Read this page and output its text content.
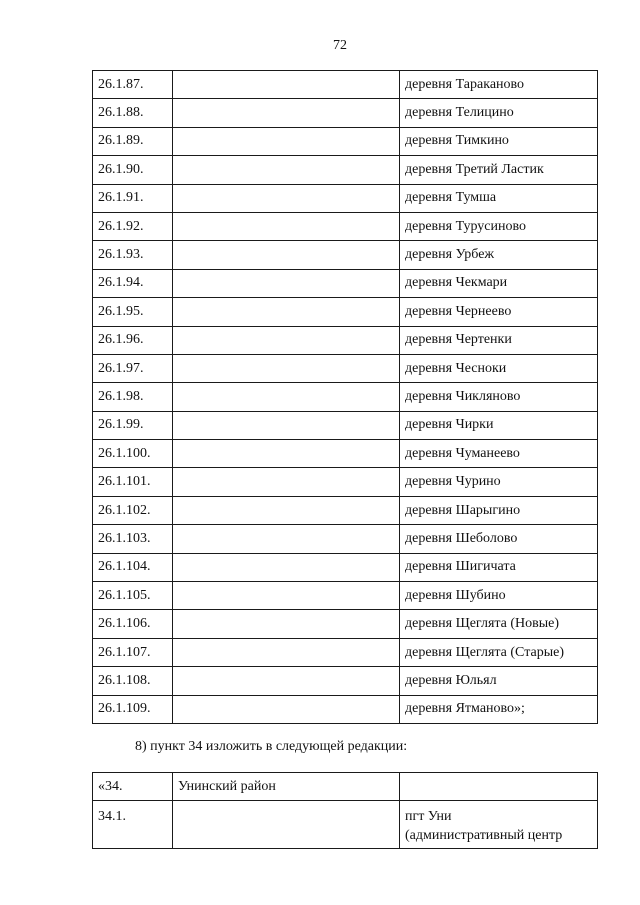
72
26.1.87.		деревня Тараканово
26.1.88.		деревня Телицино
26.1.89.		деревня Тимкино
26.1.90.		деревня Третий Ластик
26.1.91.		деревня Тумша
26.1.92.		деревня Турусиново
26.1.93.		деревня Урбеж
26.1.94.		деревня Чекмари
26.1.95.		деревня Чернеево
26.1.96.		деревня Чертенки
26.1.97.		деревня Чесноки
26.1.98.		деревня Чикляново
26.1.99.		деревня Чирки
26.1.100.		деревня Чуманеево
26.1.101.		деревня Чурино
26.1.102.		деревня Шарыгино
26.1.103.		деревня Шеболово
26.1.104.		деревня Шигичата
26.1.105.		деревня Шубино
26.1.106.		деревня Щеглята (Новые)
26.1.107.		деревня Щеглята (Старые)
26.1.108.		деревня Юльял
26.1.109.		деревня Ятманово»;
8) пункт 34 изложить в следующей редакции:
«34.	Унинский район	
34.1.		пгт Уни
(административный центр
